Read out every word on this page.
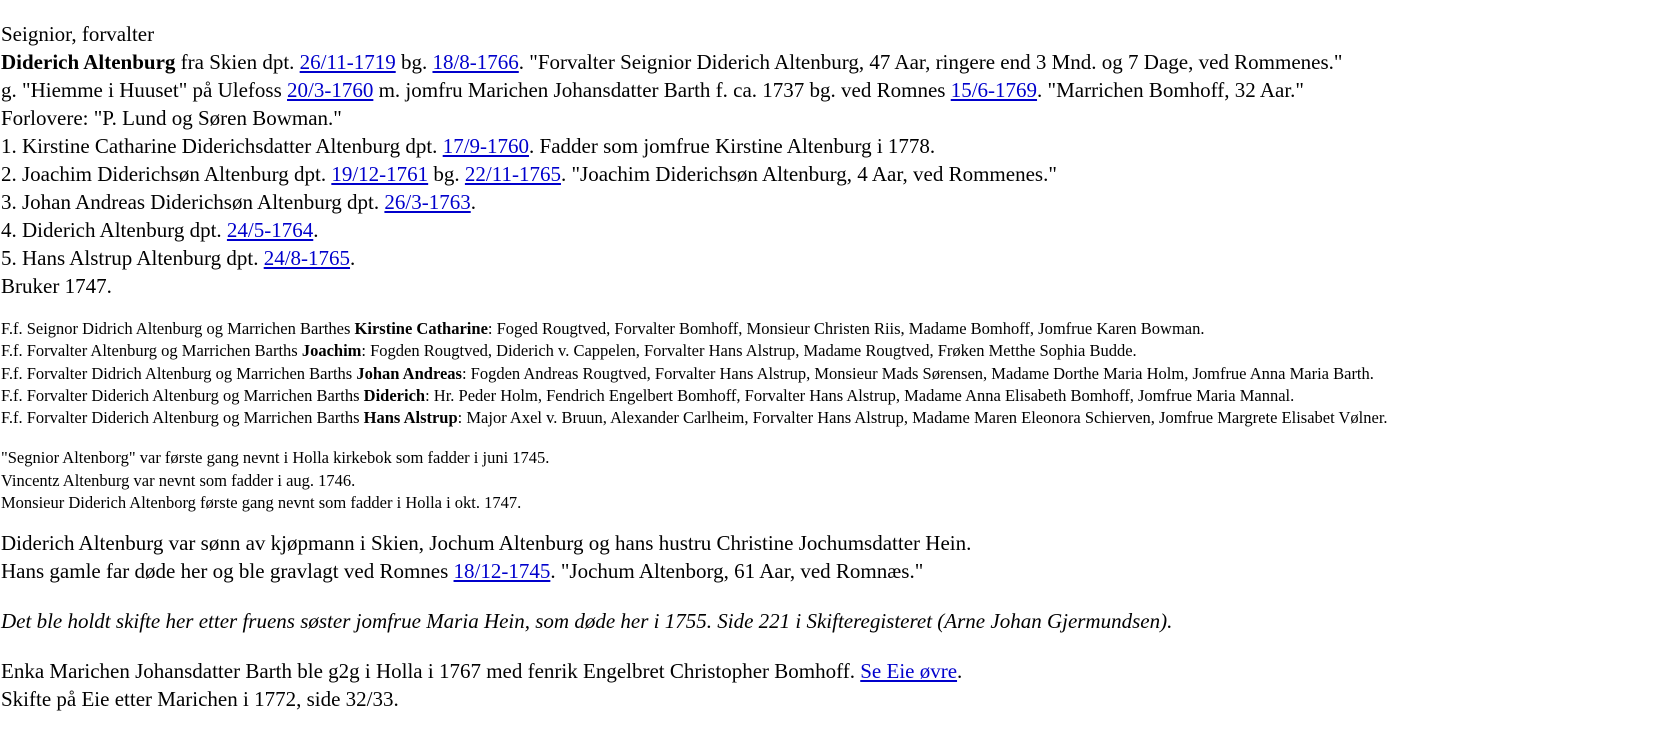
Seignior, forvalter
Diderich Altenburg fra Skien dpt. 26/11-1719 bg. 18/8-1766. "Forvalter Seignior Diderich Altenburg, 47 Aar, ringere end 3 Mnd. og 7 Dage, ved Rommenes."
g. "Hiemme i Huuset" på Ulefoss 20/3-1760 m. jomfru Marichen Johansdatter Barth f. ca. 1737 bg. ved Romnes 15/6-1769. "Marrichen Bomhoff, 32 Aar."
Forlovere: "P. Lund og Søren Bowman."
1. Kirstine Catharine Diderichsdatter Altenburg dpt. 17/9-1760. Fadder som jomfrue Kirstine Altenburg i 1778.
2. Joachim Diderichsøn Altenburg dpt. 19/12-1761 bg. 22/11-1765. "Joachim Diderichsøn Altenburg, 4 Aar, ved Rommenes."
3. Johan Andreas Diderichsøn Altenburg dpt. 26/3-1763.
4. Diderich Altenburg dpt. 24/5-1764.
5. Hans Alstrup Altenburg dpt. 24/8-1765.
Bruker 1747.
F.f. Seignor Didrich Altenburg og Marrichen Barthes Kirstine Catharine: Foged Rougtved, Forvalter Bomhoff, Monsieur Christen Riis, Madame Bomhoff, Jomfrue Karen Bowman.
F.f. Forvalter Altenburg og Marrichen Barths Joachim: Fogden Rougtved, Diderich v. Cappelen, Forvalter Hans Alstrup, Madame Rougtved, Frøken Metthe Sophia Budde.
F.f. Forvalter Didrich Altenburg og Marrichen Barths Johan Andreas: Fogden Andreas Rougtved, Forvalter Hans Alstrup, Monsieur Mads Sørensen, Madame Dorthe Maria Holm, Jomfrue Anna Maria Barth.
F.f. Forvalter Diderich Altenburg og Marrichen Barths Diderich: Hr. Peder Holm, Fendrich Engelbert Bomhoff, Forvalter Hans Alstrup, Madame Anna Elisabeth Bomhoff, Jomfrue Maria Mannal.
F.f. Forvalter Diderich Altenburg og Marrichen Barths Hans Alstrup: Major Axel v. Bruun, Alexander Carlheim, Forvalter Hans Alstrup, Madame Maren Eleonora Schierven, Jomfrue Margrete Elisabet Vølner.
"Segnior Altenborg" var første gang nevnt i Holla kirkebok som fadder i juni 1745.
Vincentz Altenburg var nevnt som fadder i aug. 1746.
Monsieur Diderich Altenborg første gang nevnt som fadder i Holla i okt. 1747.
Diderich Altenburg var sønn av kjøpmann i Skien, Jochum Altenburg og hans hustru Christine Jochumsdatter Hein.
Hans gamle far døde her og ble gravlagt ved Romnes 18/12-1745. "Jochum Altenborg, 61 Aar, ved Romnæs."
Det ble holdt skifte her etter fruens søster jomfrue Maria Hein, som døde her i 1755. Side 221 i Skifteregisteret (Arne Johan Gjermundsen).
Enka Marichen Johansdatter Barth ble g2g i Holla i 1767 med fenrik Engelbret Christopher Bomhoff. Se Eie øvre.
Skifte på Eie etter Marichen i 1772, side 32/33.
